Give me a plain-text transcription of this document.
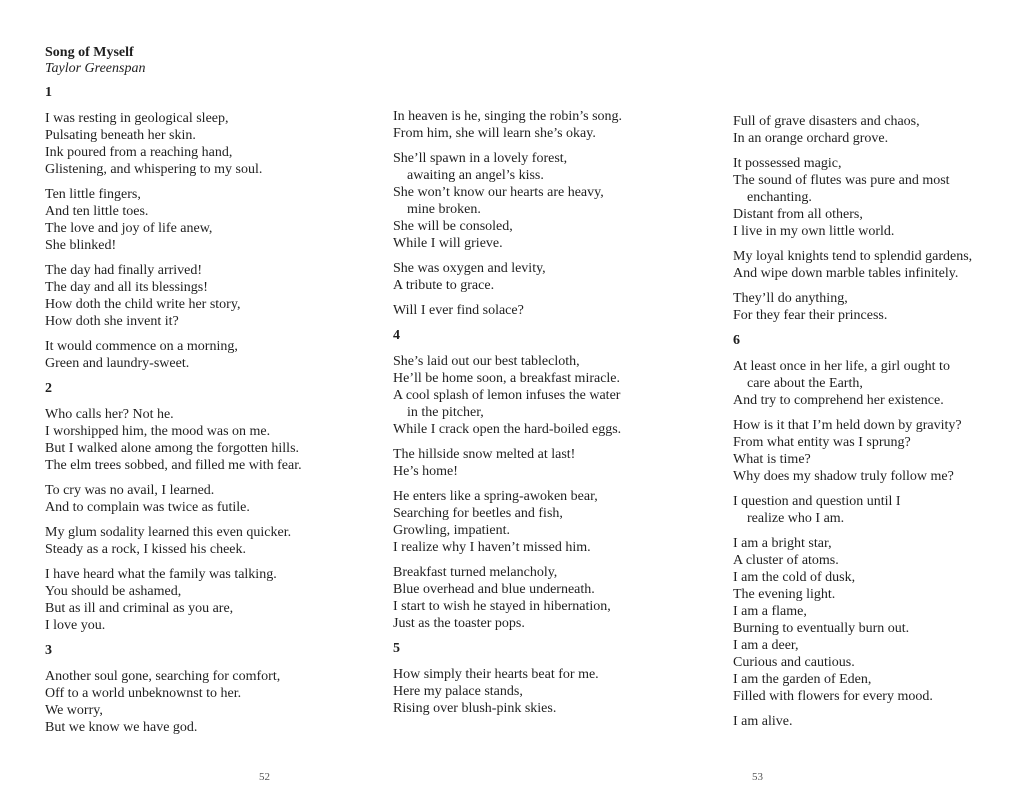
Song of Myself
Taylor Greenspan
1
I was resting in geological sleep,
Pulsating beneath her skin.
Ink poured from a reaching hand,
Glistening, and whispering to my soul.
Ten little fingers,
And ten little toes.
The love and joy of life anew,
She blinked!
The day had finally arrived!
The day and all its blessings!
How doth the child write her story,
How doth she invent it?
It would commence on a morning,
Green and laundry-sweet.
2
Who calls her? Not he.
I worshipped him, the mood was on me.
But I walked alone among the forgotten hills.
The elm trees sobbed, and filled me with fear.
To cry was no avail, I learned.
And to complain was twice as futile.
My glum sodality learned this even quicker.
Steady as a rock, I kissed his cheek.
I have heard what the family was talking.
You should be ashamed,
But as ill and criminal as you are,
I love you.
3
Another soul gone, searching for comfort,
Off to a world unbeknownst to her.
We worry,
But we know we have god.
In heaven is he, singing the robin’s song.
From him, she will learn she’s okay.
She’ll spawn in a lovely forest,
awaiting an angel’s kiss.
She won’t know our hearts are heavy,
mine broken.
She will be consoled,
While I will grieve.
She was oxygen and levity,
A tribute to grace.
Will I ever find solace?
4
She’s laid out our best tablecloth,
He’ll be home soon, a breakfast miracle.
A cool splash of lemon infuses the water
in the pitcher,
While I crack open the hard-boiled eggs.
The hillside snow melted at last!
He’s home!
He enters like a spring-awoken bear,
Searching for beetles and fish,
Growling, impatient.
I realize why I haven’t missed him.
Breakfast turned melancholy,
Blue overhead and blue underneath.
I start to wish he stayed in hibernation,
Just as the toaster pops.
5
How simply their hearts beat for me.
Here my palace stands,
Rising over blush-pink skies.
Full of grave disasters and chaos,
In an orange orchard grove.
It possessed magic,
The sound of flutes was pure and most
enchanting.
Distant from all others,
I live in my own little world.
My loyal knights tend to splendid gardens,
And wipe down marble tables infinitely.
They’ll do anything,
For they fear their princess.
6
At least once in her life, a girl ought to
care about the Earth,
And try to comprehend her existence.
How is it that I’m held down by gravity?
From what entity was I sprung?
What is time?
Why does my shadow truly follow me?
I question and question until I
realize who I am.
I am a bright star,
A cluster of atoms.
I am the cold of dusk,
The evening light.
I am a flame,
Burning to eventually burn out.
I am a deer,
Curious and cautious.
I am the garden of Eden,
Filled with flowers for every mood.
I am alive.
52	53
